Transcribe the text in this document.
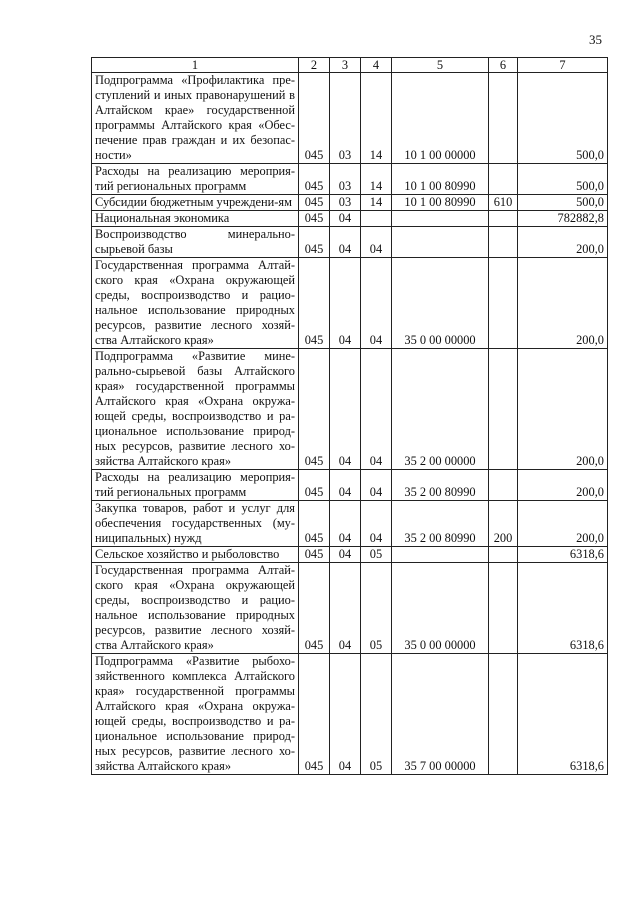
35
1	2	3	4	5	6	7
Подпрограмма «Профилактика пре-ступлений и иных правонарушений в Алтайском крае» государственной программы Алтайского края «Обес-печение прав граждан и их безопас-ности»	045	03	14	10 1 00 00000		500,0
Расходы на реализацию мероприя-тий региональных программ	045	03	14	10 1 00 80990		500,0
Субсидии бюджетным учреждени-ям	045	03	14	10 1 00 80990	610	500,0
Национальная экономика	045	04				782882,8
Воспроизводство минерально-сырьевой базы	045	04	04			200,0
Государственная программа Алтай-ского края «Охрана окружающей среды, воспроизводство и рацио-нальное использование природных ресурсов, развитие лесного хозяй-ства Алтайского края»	045	04	04	35 0 00 00000		200,0
Подпрограмма «Развитие мине-рально-сырьевой базы Алтайского края» государственной программы Алтайского края «Охрана окружа-ющей среды, воспроизводство и ра-циональное использование природ-ных ресурсов, развитие лесного хо-зяйства Алтайского края»	045	04	04	35 2 00 00000		200,0
Расходы на реализацию мероприя-тий региональных программ	045	04	04	35 2 00 80990		200,0
Закупка товаров, работ и услуг для обеспечения государственных (му-ниципальных) нужд	045	04	04	35 2 00 80990	200	200,0
Сельское хозяйство и рыболовство	045	04	05			6318,6
Государственная программа Алтай-ского края «Охрана окружающей среды, воспроизводство и рацио-нальное использование природных ресурсов, развитие лесного хозяй-ства Алтайского края»	045	04	05	35 0 00 00000		6318,6
Подпрограмма «Развитие рыбохо-зяйственного комплекса Алтайского края» государственной программы Алтайского края «Охрана окружа-ющей среды, воспроизводство и ра-циональное использование природ-ных ресурсов, развитие лесного хо-зяйства Алтайского края»	045	04	05	35 7 00 00000		6318,6
